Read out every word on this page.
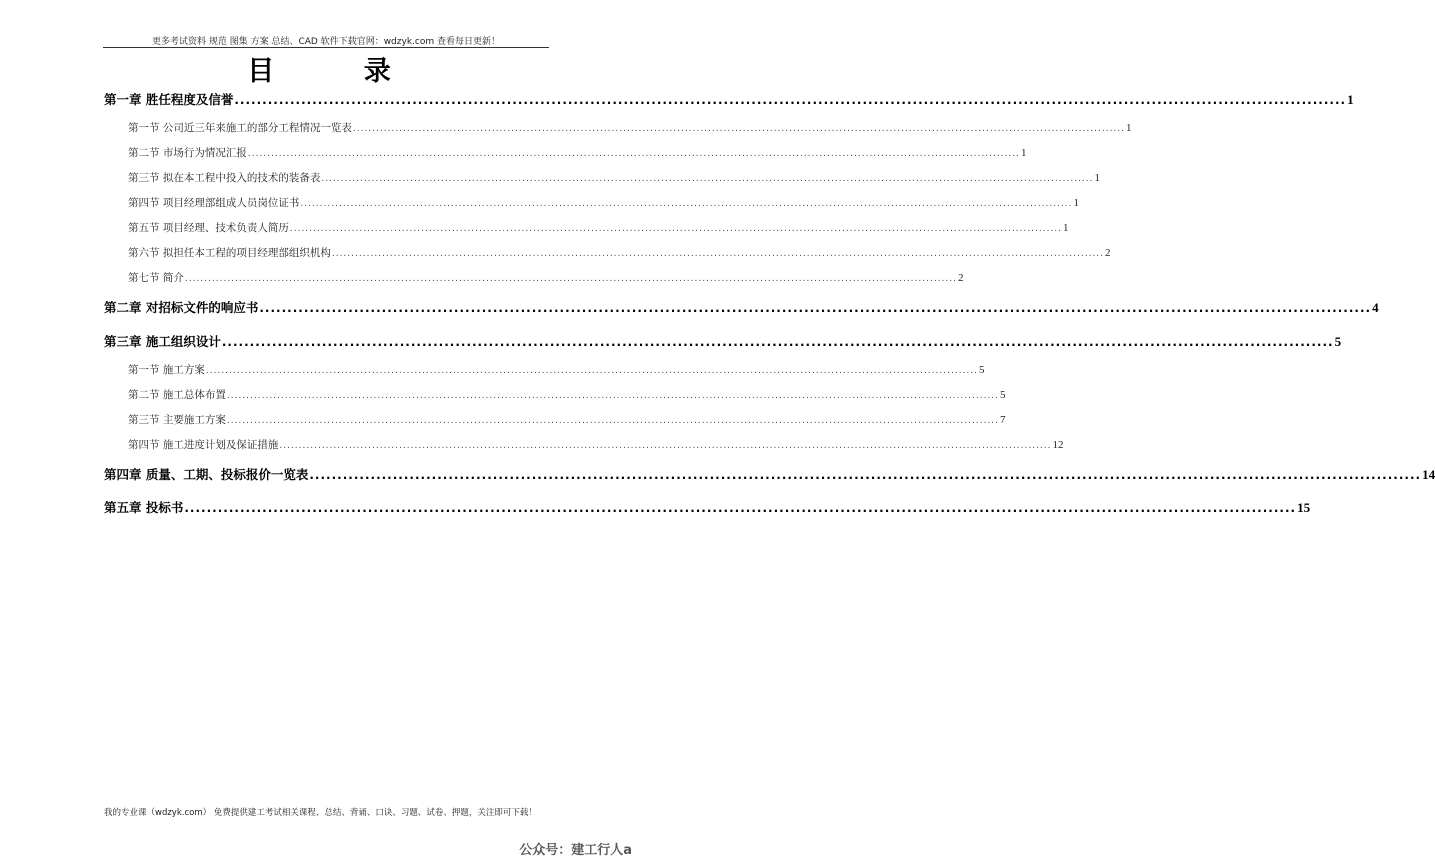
更多考试资料 规范 图集 方案 总结、CAD 软件下载官网：wdzyk.com 查看每日更新！
目 录
第一章 胜任程度及信誉 ........................................................................................................................................................................................................ 1
第一节 公司近三年来施工的部分工程情况一览表 ........................................................................................................................................................................................................ 1
第二节 市场行为情况汇报 ........................................................................................................................................................................................................ 1
第三节 拟在本工程中投入的技术的装备表 ........................................................................................................................................................................................................ 1
第四节 项目经理部组成人员岗位证书 ........................................................................................................................................................................................................ 1
第五节 项目经理、技术负责人简历 ........................................................................................................................................................................................................ 1
第六节 拟担任本工程的项目经理部组织机构 ........................................................................................................................................................................................................ 2
第七节 简介 ........................................................................................................................................................................................................ 2
第二章 对招标文件的响应书 ........................................................................................................................................................................................................ 4
第三章 施工组织设计 ........................................................................................................................................................................................................ 5
第一节 施工方案 ........................................................................................................................................................................................................ 5
第二节 施工总体布置 ........................................................................................................................................................................................................ 5
第三节 主要施工方案 ........................................................................................................................................................................................................ 7
第四节 施工进度计划及保证措施 ........................................................................................................................................................................................................ 12
第四章 质量、工期、投标报价一览表 ........................................................................................................................................................................................................ 14
第五章 投标书 ........................................................................................................................................................................................................ 15
我的专业课（wdzyk.com） 免费提供建工考试相关课程、总结、背诵、口诀、习题、试卷、押题，关注即可下载！
公众号：建工行人a
